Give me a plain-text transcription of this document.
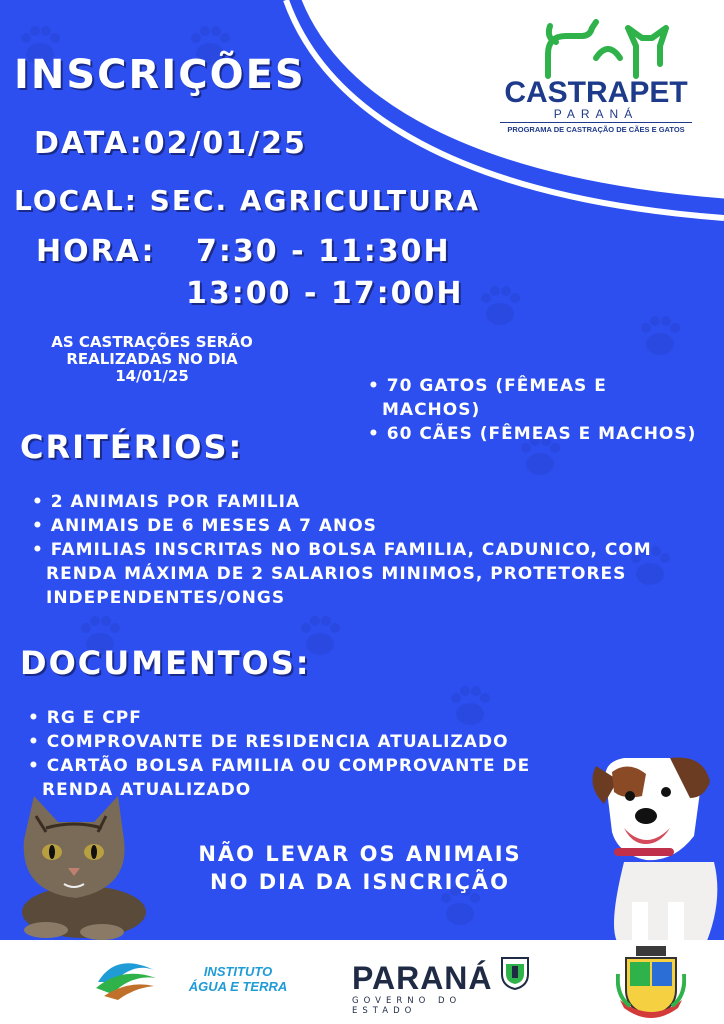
CASTRAPET
PARANÁ
PROGRAMA DE CASTRAÇÃO DE CÃES E GATOS
INSCRIÇÕES
DATA:02/01/25
LOCAL: SEC. AGRICULTURA
HORA: 7:30 - 11:30H
13:00 - 17:00H
AS CASTRAÇÕES SERÃO
REALIZADAS NO DIA
14/01/25
•	70 GATOS (FÊMEAS E MACHOS)
• 60 CÃES (FÊMEAS E MACHOS)
CRITÉRIOS:
• 2 ANIMAIS POR FAMILIA
• ANIMAIS DE 6 MESES A 7 ANOS
• FAMILIAS INSCRITAS NO BOLSA FAMILIA, CADUNICO, COM RENDA MÁXIMA DE 2 SALARIOS MINIMOS, PROTETORES INDEPENDENTES/ONGS
DOCUMENTOS:
• RG E CPF
• COMPROVANTE DE RESIDENCIA ATUALIZADO
• CARTÃO BOLSA FAMILIA OU COMPROVANTE DE RENDA ATUALIZADO
NÃO LEVAR OS ANIMAIS
NO DIA DA ISNCRIÇÃO
INSTITUTO
ÁGUA E TERRA	PARANÁ
GOVERNO DO ESTADO
